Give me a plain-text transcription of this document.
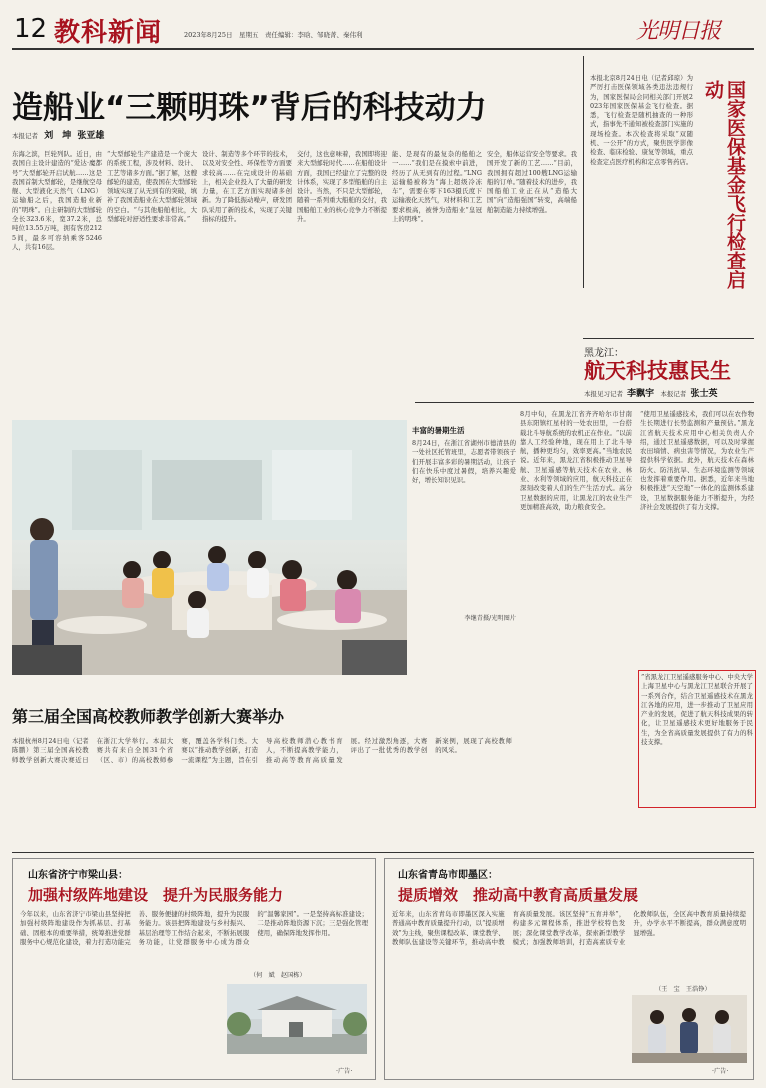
12 教科新闻	2023年8月25日　星期五　责任编辑：李晗、邹晓菁、秦伟利	光明日报
造船业“三颗明珠”背后的科技动力
本报记者 刘　坤 张亚雄
东海之滨，巨轮列队。近日，由我国自主设计建造的“爱达·魔都号”大型邮轮开启试航……这是我国首制大型邮轮，是继航空母舰、大型液化天然气（LNG）运输船之后，我国造船业新的“明珠”。自主研制的大型邮轮全长323.6米，宽37.2米，总吨位13.55万吨，拥有客房2125间，最多可容纳乘客5246人，共有16层。
“大型邮轮生产建造是一个庞大的系统工程，涉及材料、设计、工艺等诸多方面。”据了解，这艘邮轮的建造，使我国在大型邮轮领域实现了从无到有的突破，填补了我国造船业在大型邮轮领域的空白。“与其他船舶相比，大型邮轮对舒适性要求非常高。”
设计、制造等多个环节的技术，以及对安全性、环保性等方面要求较高……在完成设计的基础上，相关企业投入了大量的研发力量，在工艺方面实现诸多创新。为了降低振动噪声，研发团队采用了新的技术，实现了关键指标的提升。
交付，这也意味着，我国即将迎来大型邮轮时代……在船舶设计方面，我国已经建立了完整的设计体系，实现了多型船舶的自主设计。当然，不只是大型邮轮，随着一系列重大船舶的交付，我国船舶工业的核心竞争力不断提升。
能、是现有的最复杂的船舶之一……“我们是在摸索中前进，经历了从无到有的过程。”LNG运输船被称为“海上超级冷冻车”，需要在零下163摄氏度下运输液化天然气，对材料和工艺要求极高，被誉为造船业“皇冠上的明珠”。
安全，船体运营安全等要求。我国开发了新的工艺……“目前，我国拥有超过100艘LNG运输船的订单。”随着技术的进步，我国船舶工业正在从“造船大国”向“造船强国”转变，高端船舶制造能力持续增强。
本报北京8月24日电（记者邱琼）为严厉打击医保领域各类违法违规行为，国家医保局会同相关部门开展2023年国家医保基金飞行检查。据悉，飞行检查是随机抽查的一种形式，指事先不通知被检查部门实施的现场检查。本次检查将采取“双随机、一公开”的方式，聚焦医学影像检查、临床检验、康复等领域，重点检查定点医疗机构和定点零售药店。	国家医保基金飞行检查启动
黑龙江：
航天科技惠民生
本报见习记者 李飘宇 本报记者 张士英
丰富的暑期生活
8月24日，在浙江省湖州市德清县的一处社区托管班里，志愿者带领孩子们开展丰富多彩的暑期活动，让孩子们在快乐中度过暑假，培养兴趣爱好，增长知识见识。
李继青摄/光明图片
8月中旬，在黑龙江省齐齐哈尔市甘南县东阳镇红星村的一处农田里，一台搭载北斗导航系统的农机正在作业。“以前靠人工经验种地，现在用上了北斗导航，播种更均匀，效率更高。”当地农民说。近年来，黑龙江省积极推动卫星导航、卫星遥感等航天技术在农业、林业、水利等领域的应用，航天科技正在深刻改变着人们的生产生活方式。高分卫星数据的应用，让黑龙江的农业生产更加精准高效，助力粮食安全。
“使用卫星遥感技术，我们可以在农作物生长期进行长势监测和产量预估。”黑龙江省航天技术应用中心相关负责人介绍，通过卫星遥感数据，可以及时掌握农田墒情、病虫害等情况，为农业生产提供科学依据。此外，航天技术在森林防火、防汛抗旱、生态环境监测等领域也发挥着重要作用。据悉，近年来当地积极推进“天空地”一体化的监测体系建设，卫星数据服务能力不断提升，为经济社会发展提供了有力支撑。
”省黑龙江卫星遥感服务中心、中央大学上海卫星中心与黑龙江卫星联合开展了一系列合作，结合卫星遥感技术在黑龙江各地的应用，进一步推动了卫星应用产业的发展，促进了航天科技成果的转化，让卫星遥感技术更好地服务于民生，为全省高质量发展提供了有力的科技支撑。
第三届全国高校教师教学创新大赛举办
本报杭州8月24日电（记者陈鹏）第三届全国高校教师教学创新大赛决赛近日在浙江大学举行。本届大赛共有来自全国31个省（区、市）的高校教师参赛，覆盖各学科门类。大赛以“推动教学创新，打造一流课程”为主题，旨在引导高校教师潜心教书育人，不断提高教学能力，推动高等教育高质量发展。经过激烈角逐，大赛评出了一批优秀的教学创新案例，展现了高校教师的风采。
山东省济宁市梁山县：
加强村级阵地建设　提升为民服务能力
今年以来，山东省济宁市梁山县坚持把加强村级阵地建设作为抓基层、打基础、固根本的重要举措，统筹推进党群服务中心规范化建设，着力打造功能完善、服务便捷的村级阵地，提升为民服务能力。该县把阵地建设与乡村振兴、基层治理等工作结合起来，不断拓展服务功能，让党群服务中心成为群众的“温馨家园”。一是坚持高标准建设；二是推动阵地资源下沉；三是强化管理使用，确保阵地发挥作用。
（何　斌　赵国栋）
·广告·
山东省青岛市即墨区：
提质增效　推动高中教育高质量发展
近年来，山东省青岛市即墨区深入实施普通高中教育质量提升行动，以“提质增效”为主线，聚焦课程改革、课堂教学、教师队伍建设等关键环节，推动高中教育高质量发展。该区坚持“五育并举”，构建多元课程体系，推进学校特色发展；深化课堂教学改革，探索新型教学模式；加强教师培训，打造高素质专业化教师队伍，全区高中教育质量持续提升，办学水平不断提高，群众满意度明显增强。
（王　宝　王浩铮）
·广告·
